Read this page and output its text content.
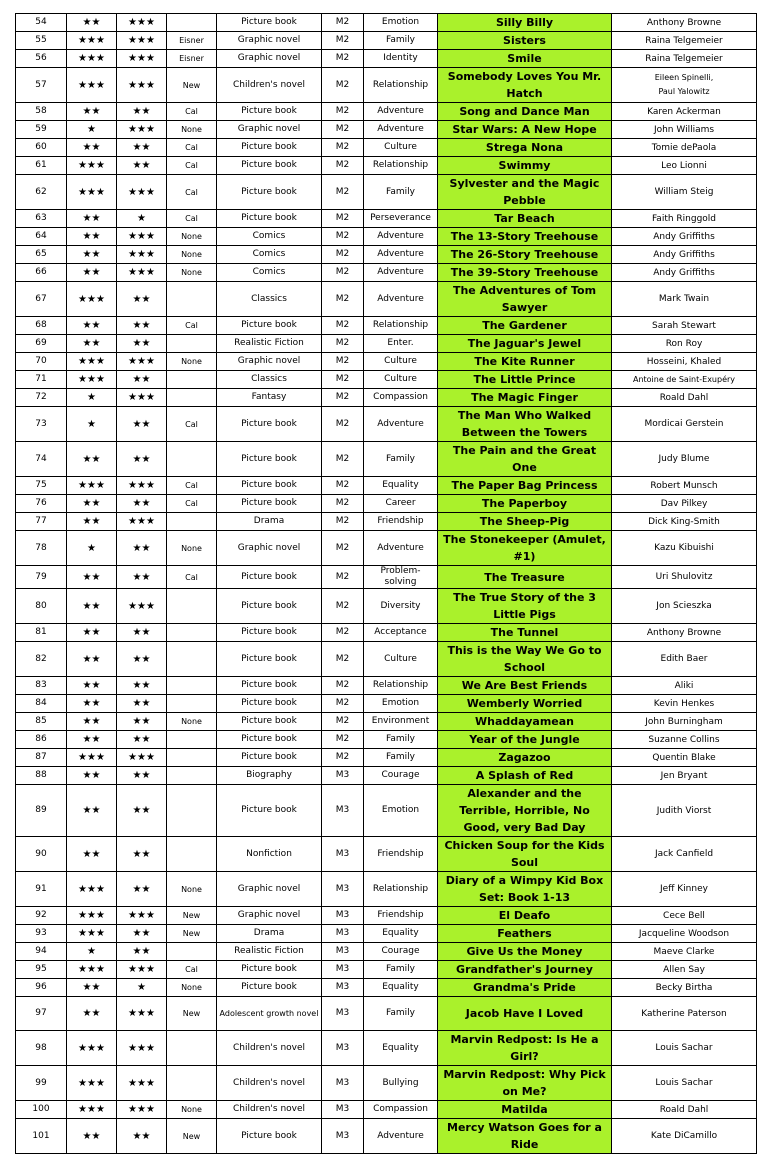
54	★★	★★★		Picture book	M2	Emotion	Silly Billy	Anthony Browne
55	★★★	★★★	Eisner	Graphic novel	M2	Family	Sisters	Raina Telgemeier
56	★★★	★★★	Eisner	Graphic novel	M2	Identity	Smile	Raina Telgemeier
57	★★★	★★★	New	Children's novel	M2	Relationship	Somebody Loves You Mr. Hatch	Eileen Spinelli,
Paul Yalowitz
58	★★	★★	Cal	Picture book	M2	Adventure	Song and Dance Man	Karen Ackerman
59	★	★★★	None	Graphic novel	M2	Adventure	Star Wars: A New Hope	John Williams
60	★★	★★	Cal	Picture book	M2	Culture	Strega Nona	Tomie dePaola
61	★★★	★★	Cal	Picture book	M2	Relationship	Swimmy	Leo Lionni
62	★★★	★★★	Cal	Picture book	M2	Family	Sylvester and the Magic Pebble	William Steig
63	★★	★	Cal	Picture book	M2	Perseverance	Tar Beach	Faith Ringgold
64	★★	★★★	None	Comics	M2	Adventure	The 13-Story Treehouse	Andy Griffiths
65	★★	★★★	None	Comics	M2	Adventure	The 26-Story Treehouse	Andy Griffiths
66	★★	★★★	None	Comics	M2	Adventure	The 39-Story Treehouse	Andy Griffiths
67	★★★	★★		Classics	M2	Adventure	The Adventures of Tom Sawyer	Mark Twain
68	★★	★★	Cal	Picture book	M2	Relationship	The Gardener	Sarah Stewart
69	★★	★★		Realistic Fiction	M2	Enter.	The Jaguar's Jewel	Ron Roy
70	★★★	★★★	None	Graphic novel	M2	Culture	The Kite Runner	Hosseini, Khaled
71	★★★	★★		Classics	M2	Culture	The Little Prince	Antoine de Saint-Exupéry
72	★	★★★		Fantasy	M2	Compassion	The Magic Finger	Roald Dahl
73	★	★★	Cal	Picture book	M2	Adventure	The Man Who Walked Between the Towers	Mordicai Gerstein
74	★★	★★		Picture book	M2	Family	The Pain and the Great One	Judy Blume
75	★★★	★★★	Cal	Picture book	M2	Equality	The Paper Bag Princess	Robert Munsch
76	★★	★★	Cal	Picture book	M2	Career	The Paperboy	Dav Pilkey
77	★★	★★★		Drama	M2	Friendship	The Sheep-Pig	Dick King-Smith
78	★	★★	None	Graphic novel	M2	Adventure	The Stonekeeper (Amulet, #1)	Kazu Kibuishi
79	★★	★★	Cal	Picture book	M2	Problem-solving	The Treasure	Uri Shulovitz
80	★★	★★★		Picture book	M2	Diversity	The True Story of the 3 Little Pigs	Jon Scieszka
81	★★	★★		Picture book	M2	Acceptance	The Tunnel	Anthony Browne
82	★★	★★		Picture book	M2	Culture	This is the Way We Go to School	Edith Baer
83	★★	★★		Picture book	M2	Relationship	We Are Best Friends	Aliki
84	★★	★★		Picture book	M2	Emotion	Wemberly Worried	Kevin Henkes
85	★★	★★	None	Picture book	M2	Environment	Whaddayamean	John Burningham
86	★★	★★		Picture book	M2	Family	Year of the Jungle	Suzanne Collins
87	★★★	★★★		Picture book	M2	Family	Zagazoo	Quentin Blake
88	★★	★★		Biography	M3	Courage	A Splash of Red	Jen Bryant
89	★★	★★		Picture book	M3	Emotion	Alexander and the Terrible, Horrible, No Good, very Bad Day	Judith Viorst
90	★★	★★		Nonfiction	M3	Friendship	Chicken Soup for the Kids Soul	Jack Canfield
91	★★★	★★	None	Graphic novel	M3	Relationship	Diary of a Wimpy Kid Box Set: Book 1-13	Jeff Kinney
92	★★★	★★★	New	Graphic novel	M3	Friendship	El Deafo	Cece Bell
93	★★★	★★	New	Drama	M3	Equality	Feathers	Jacqueline Woodson
94	★	★★		Realistic Fiction	M3	Courage	Give Us the Money	Maeve Clarke
95	★★★	★★★	Cal	Picture book	M3	Family	Grandfather's Journey	Allen Say
96	★★	★	None	Picture book	M3	Equality	Grandma's Pride	Becky Birtha
97	★★	★★★	New	Adolescent growth novel	M3	Family	Jacob Have I Loved	Katherine Paterson
98	★★★	★★★		Children's novel	M3	Equality	Marvin Redpost: Is He a Girl?	Louis Sachar
99	★★★	★★★		Children's novel	M3	Bullying	Marvin Redpost: Why Pick on Me?	Louis Sachar
100	★★★	★★★	None	Children's novel	M3	Compassion	Matilda	Roald Dahl
101	★★	★★	New	Picture book	M3	Adventure	Mercy Watson Goes for a Ride	Kate DiCamillo
